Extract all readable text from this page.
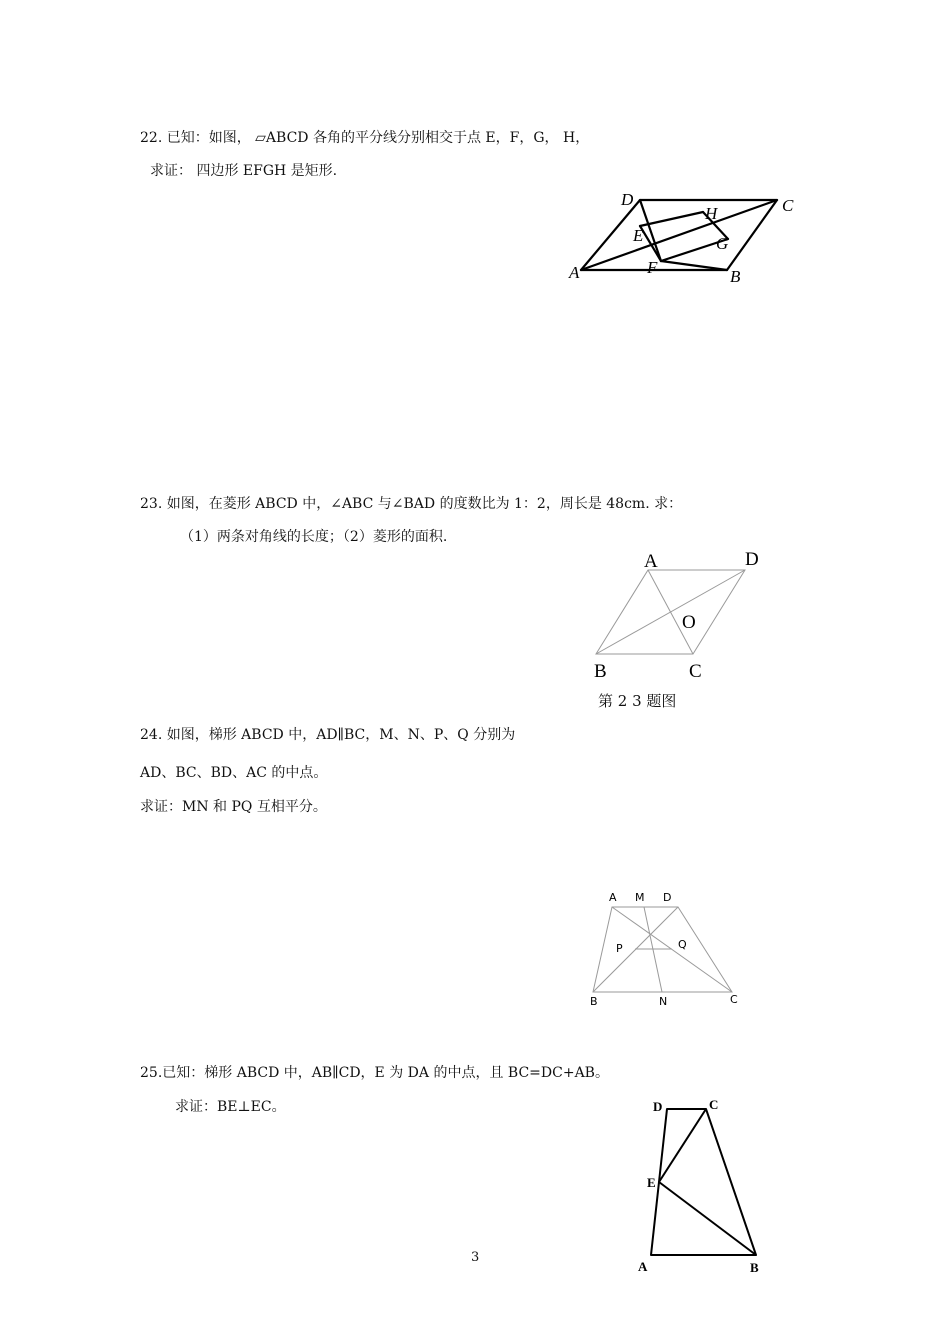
22. 已知：如图， ▱ABCD 各角的平分线分别相交于点 E，F，G， H，
求证： 四边形 EFGH 是矩形.
D	C
H
E	G
F
A	B
23. 如图，在菱形 ABCD 中，∠ABC 与∠BAD 的度数比为 1：2，周长是 48cm. 求：
（1）两条对角线的长度；（2）菱形的面积.
A	D
O
B	C
第 2 3 题图
24. 如图，梯形 ABCD 中，AD∥BC，M、N、P、Q 分别为
AD、BC、BD、AC 的中点。
求证：MN 和 PQ 互相平分。
A M D
P	Q
B	N	C
25.已知：梯形 ABCD 中，AB∥CD，E 为 DA 的中点，且 BC=DC+AB。
求证：BE⊥EC。	D	C
E
A	B
3
